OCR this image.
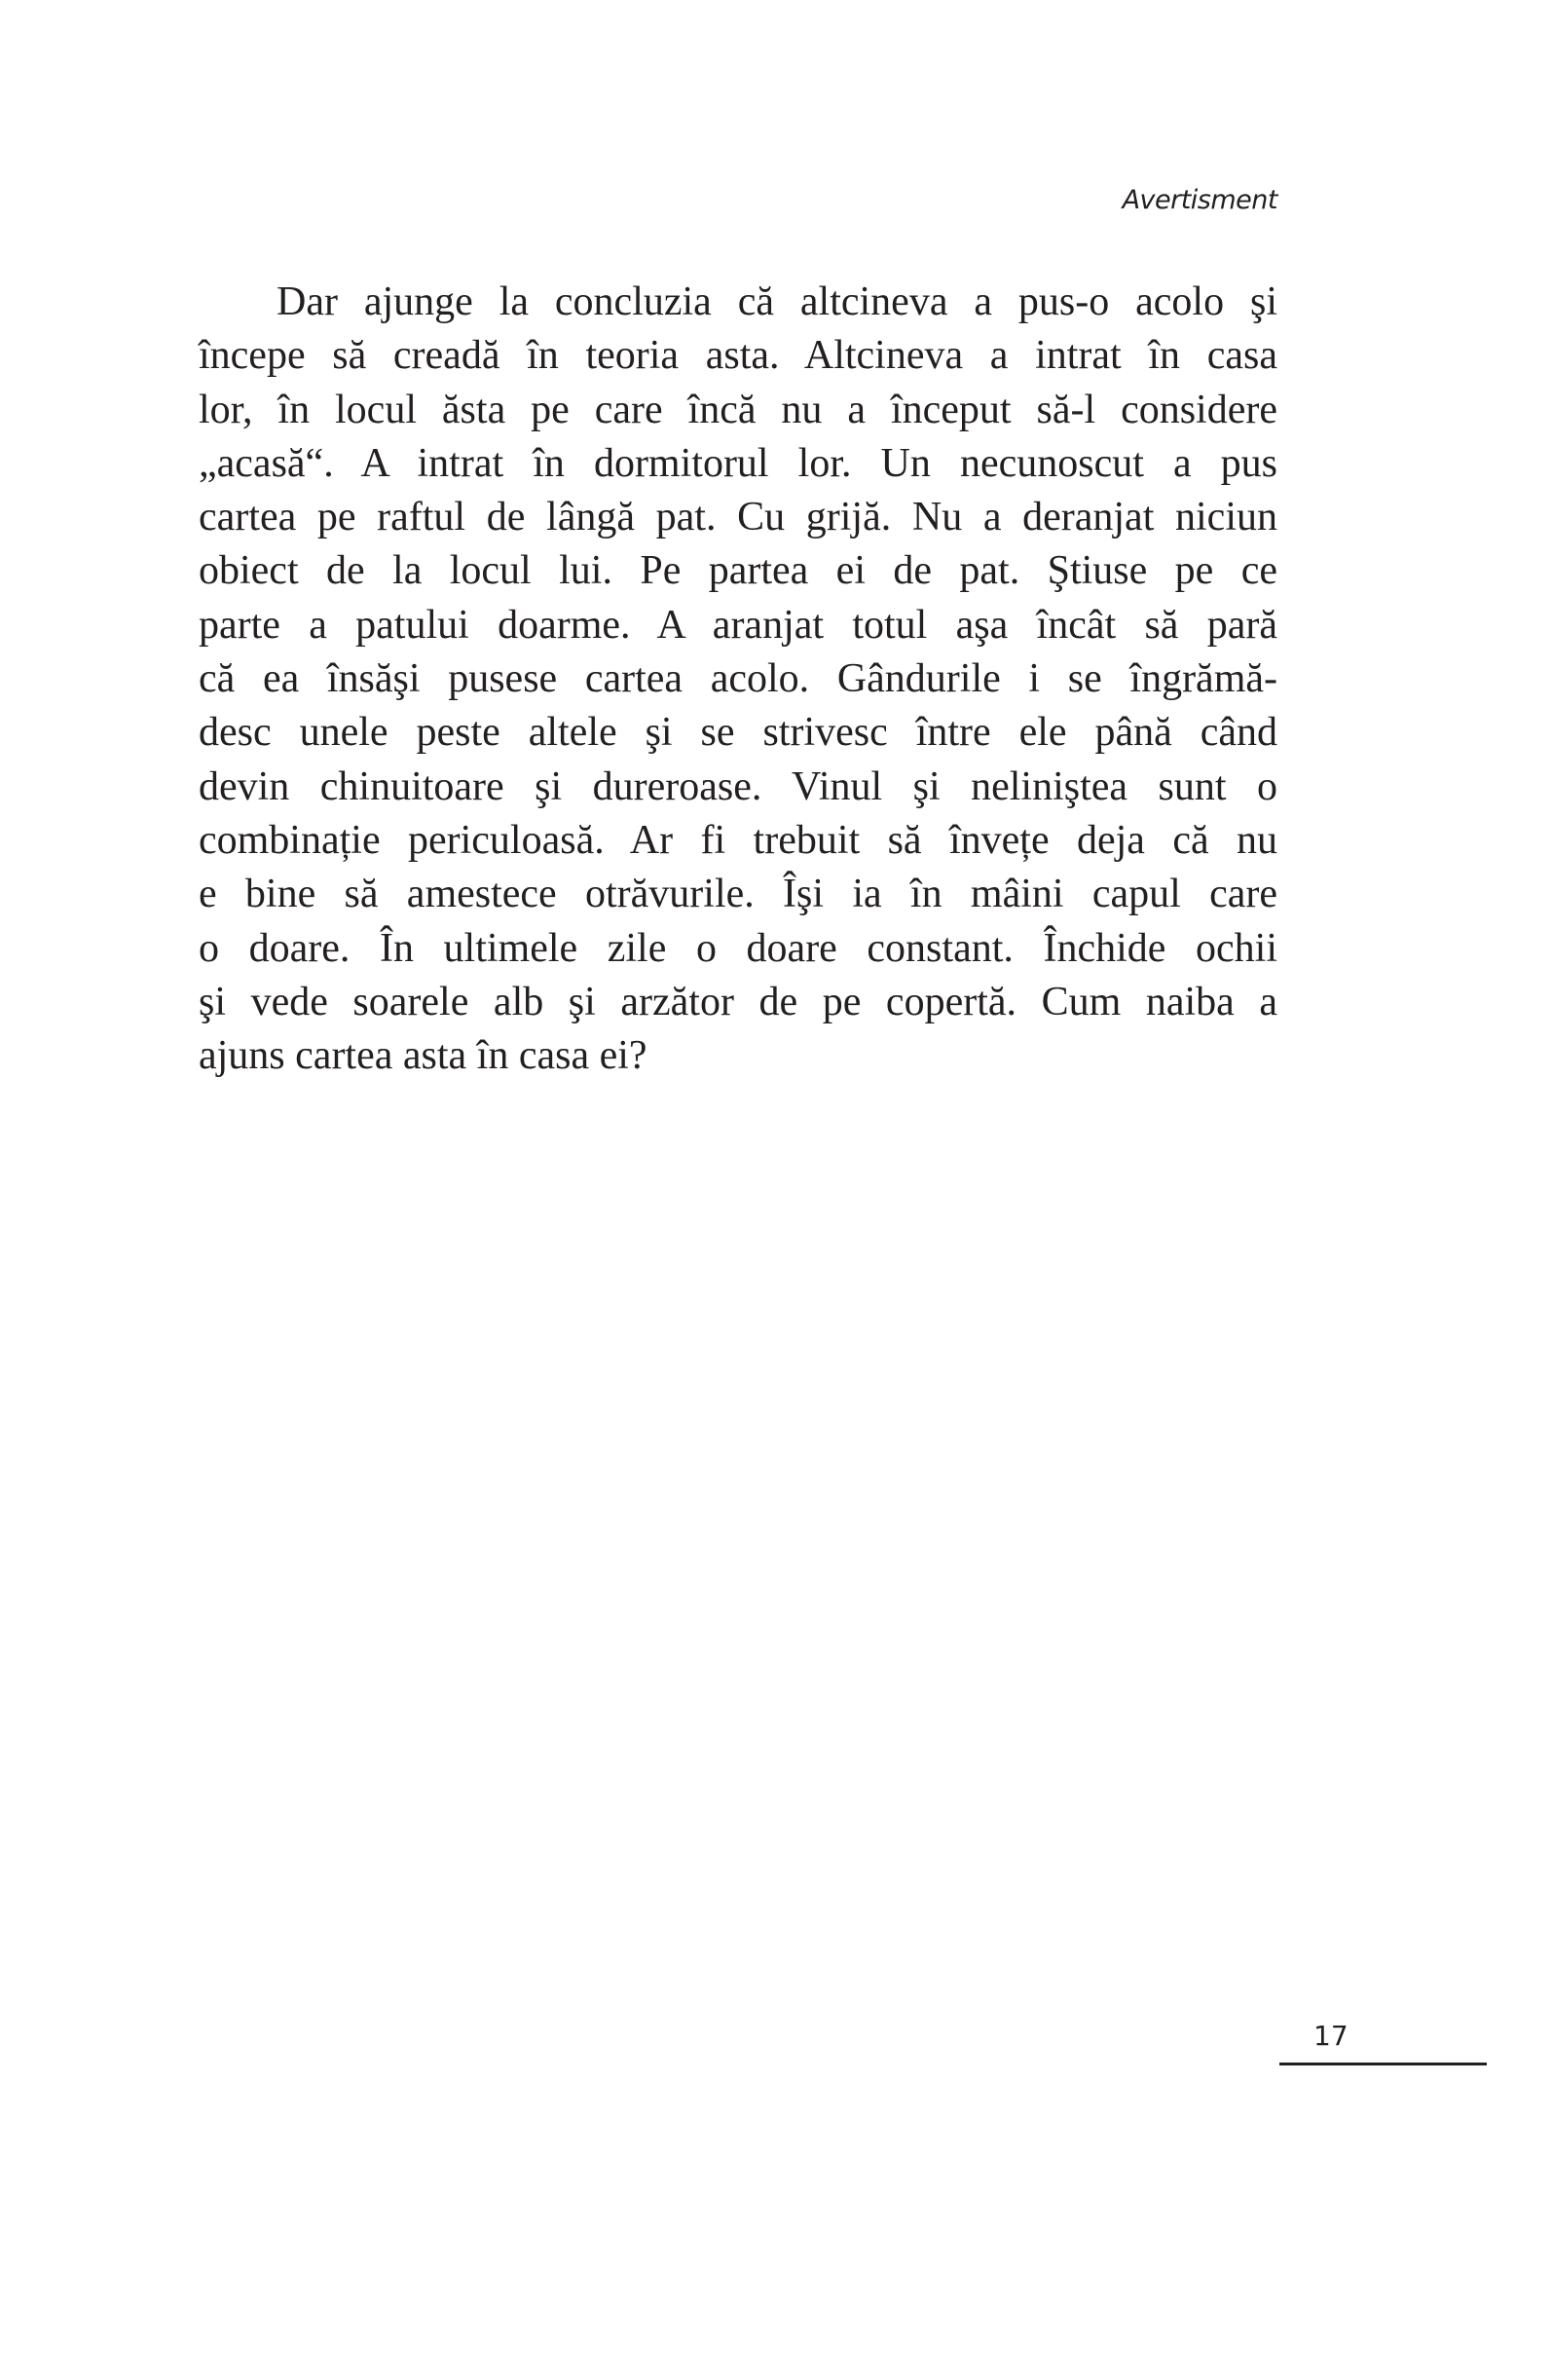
Avertisment
Dar ajunge la concluzia că altcineva a pus-o acolo şi
începe să creadă în teoria asta. Altcineva a intrat în casa
lor, în locul ăsta pe care încă nu a început să-l considere
„acasă“. A intrat în dormitorul lor. Un necunoscut a pus
cartea pe raftul de lângă pat. Cu grijă. Nu a deranjat niciun
obiect de la locul lui. Pe partea ei de pat. Ştiuse pe ce
parte a patului doarme. A aranjat totul aşa încât să pară
că ea însăşi pusese cartea acolo. Gândurile i se îngrămă-
desc unele peste altele şi se strivesc între ele până când
devin chinuitoare şi dureroase. Vinul şi neliniştea sunt o
combinație periculoasă. Ar fi trebuit să învețe deja că nu
e bine să amestece otrăvurile. Îşi ia în mâini capul care
o doare. În ultimele zile o doare constant. Închide ochii
şi vede soarele alb şi arzător de pe copertă. Cum naiba a
ajuns cartea asta în casa ei?
17
